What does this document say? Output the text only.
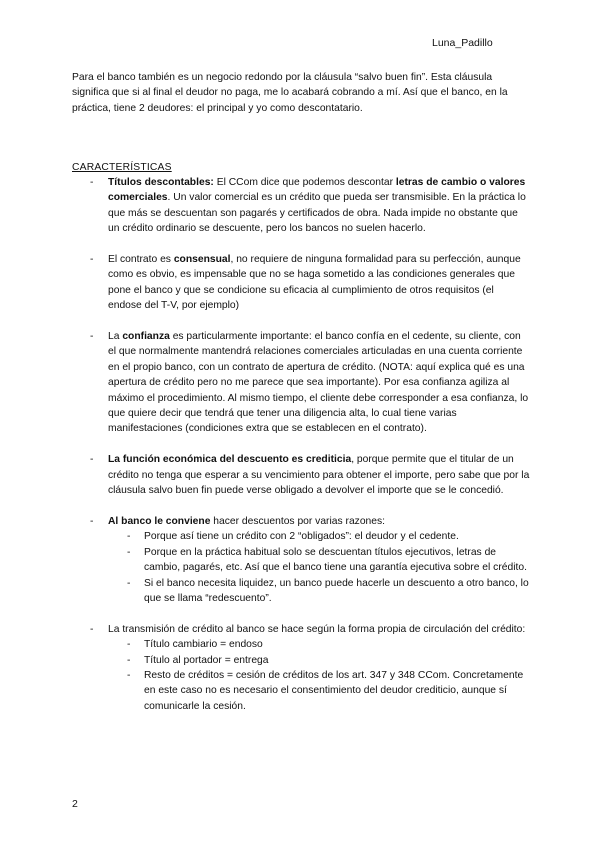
Luna_Padillo

Para el banco también es un negocio redondo por la cláusula “salvo buen fin”. Esta cláusula significa que si al final el deudor no paga, me lo acabará cobrando a mí. Así que el banco, en la práctica, tiene 2 deudores: el principal y yo como descontatario.

CARACTERÍSTICAS
- Títulos descontables: El CCom dice que podemos descontar letras de cambio o valores comerciales. Un valor comercial es un crédito que pueda ser transmisible. En la práctica lo que más se descuentan son pagarés y certificados de obra. Nada impide no obstante que un crédito ordinario se descuente, pero los bancos no suelen hacerlo.
- El contrato es consensual, no requiere de ninguna formalidad para su perfección, aunque como es obvio, es impensable que no se haga sometido a las condiciones generales que pone el banco y que se condicione su eficacia al cumplimiento de otros requisitos (el endose del T-V, por ejemplo)
- La confianza es particularmente importante: el banco confía en el cedente, su cliente, con el que normalmente mantendrá relaciones comerciales articuladas en una cuenta corriente en el propio banco, con un contrato de apertura de crédito. (NOTA: aquí explica qué es una apertura de crédito pero no me parece que sea importante). Por esa confianza agiliza al máximo el procedimiento. Al mismo tiempo, el cliente debe corresponder a esa confianza, lo que quiere decir que tendrá que tener una diligencia alta, lo cual tiene varias manifestaciones (condiciones extra que se establecen en el contrato).
- La función económica del descuento es crediticia, porque permite que el titular de un crédito no tenga que esperar a su vencimiento para obtener el importe, pero sabe que por la cláusula salvo buen fin puede verse obligado a devolver el importe que se le concedió.
- Al banco le conviene hacer descuentos por varias razones:
- Porque así tiene un crédito con 2 “obligados”: el deudor y el cedente.
- Porque en la práctica habitual solo se descuentan títulos ejecutivos, letras de cambio, pagarés, etc. Así que el banco tiene una garantía ejecutiva sobre el crédito.
- Si el banco necesita liquidez, un banco puede hacerle un descuento a otro banco, lo que se llama “redescuento”.
- La transmisión de crédito al banco se hace según la forma propia de circulación del crédito:
- Título cambiario = endoso
- Título al portador = entrega
- Resto de créditos = cesión de créditos de los art. 347 y 348 CCom. Concretamente en este caso no es necesario el consentimiento del deudor crediticio, aunque sí comunicarle la cesión.
2
